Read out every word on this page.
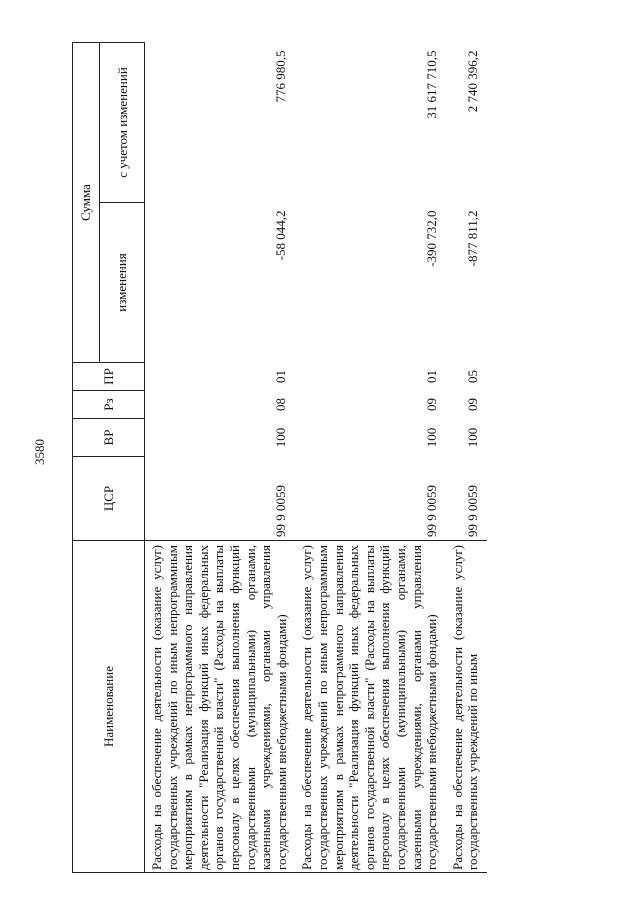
3580
Наименование	ЦСР	ВР	Рз	ПР	Сумма	
					изменения	с учетом изменений
Расходы на обеспечение деятельности (оказание услуг) государственных учреждений по иным непрограммным мероприятиям в рамках непрограммного направления деятельности "Реализация функций иных федеральных органов государственной власти" (Расходы на выплаты персоналу в целях обеспечения выполнения функций государственными (муниципальными) органами, казенными учреждениями, органами управления государственными внебюджетными фондами)	99 9 0059	100	08	01	-58 044,2	776 980,5
Расходы на обеспечение деятельности (оказание услуг) государственных учреждений по иным непрограммным мероприятиям в рамках непрограммного направления деятельности "Реализация функций иных федеральных органов государственной власти" (Расходы на выплаты персоналу в целях обеспечения выполнения функций государственными (муниципальными) органами, казенными учреждениями, органами управления государственными внебюджетными фондами)	99 9 0059	100	09	01	-390 732,0	31 617 710,5
Расходы на обеспечение деятельности (оказание услуг) государственных учреждений по иным	99 9 0059	100	09	05	-877 811,2	2 740 396,2
